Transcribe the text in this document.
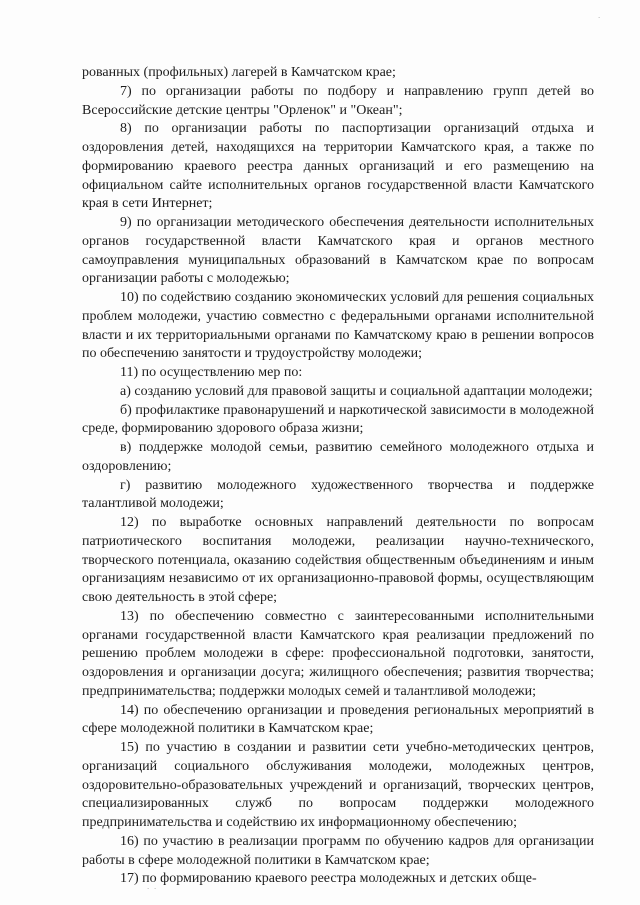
·
· ·

рованных (профильных) лагерей в Камчатском крае;

7) по организации работы по подбору и направлению групп детей во Всероссийские детские центры "Орленок" и "Океан";

8) по организации работы по паспортизации организаций отдыха и оздоровления детей, находящихся на территории Камчатского края, а также по формированию краевого реестра данных организаций и его размещению на официальном сайте исполнительных органов государственной власти Камчатского края в сети Интернет;

9) по организации методического обеспечения деятельности исполнительных органов государственной власти Камчатского края и органов местного самоуправления муниципальных образований в Камчатском крае по вопросам организации работы с молодежью;

10) по содействию созданию экономических условий для решения социальных проблем молодежи, участию совместно с федеральными органами исполнительной власти и их территориальными органами по Камчатскому краю в решении вопросов по обеспечению занятости и трудоустройству молодежи;

11) по осуществлению мер по:

а) созданию условий для правовой защиты и социальной адаптации молодежи;

б) профилактике правонарушений и наркотической зависимости в молодежной среде, формированию здорового образа жизни;

в) поддержке молодой семьи, развитию семейного молодежного отдыха и оздоровлению;

г) развитию молодежного художественного творчества и поддержке талантливой молодежи;

12) по выработке основных направлений деятельности по вопросам патриотического воспитания молодежи, реализации научно-технического, творческого потенциала, оказанию содействия общественным объединениям и иным организациям независимо от их организационно-правовой формы, осуществляющим свою деятельность в этой сфере;

13) по обеспечению совместно с заинтересованными исполнительными органами государственной власти Камчатского края реализации предложений по решению проблем молодежи в сфере: профессиональной подготовки, занятости, оздоровления и организации досуга; жилищного обеспечения; развития творчества; предпринимательства; поддержки молодых семей и талантливой молодежи;

14) по обеспечению организации и проведения региональных мероприятий в сфере молодежной политики в Камчатском крае;

15) по участию в создании и развитии сети учебно-методических центров, организаций социального обслуживания молодежи, молодежных центров, оздоровительно-образовательных учреждений и организаций, творческих центров, специализированных служб по вопросам поддержки молодежного предпринимательства и содействию их информационному обеспечению;

16) по участию в реализации программ по обучению кадров для организации работы в сфере молодежной политики в Камчатском крае;

17) по формированию краевого реестра молодежных и детских обще-
